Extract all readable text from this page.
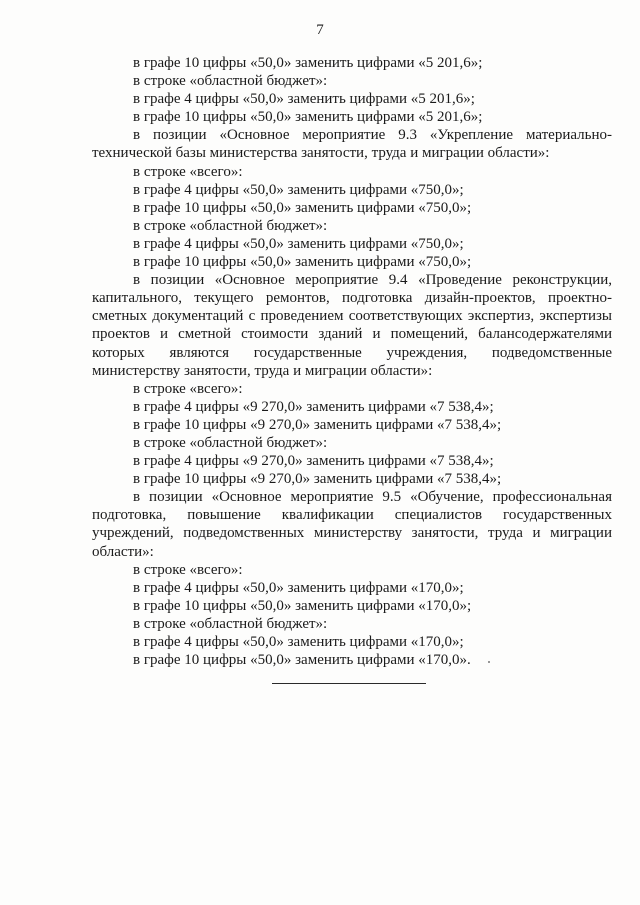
7

в графе 10 цифры «50,0» заменить цифрами «5 201,6»;

в строке «областной бюджет»:

в графе 4 цифры «50,0» заменить цифрами «5 201,6»;

в графе 10 цифры «50,0» заменить цифрами «5 201,6»;

в позиции «Основное мероприятие 9.3 «Укрепление материально-технической базы министерства занятости, труда и миграции области»:

в строке «всего»:

в графе 4 цифры «50,0» заменить цифрами «750,0»;

в графе 10 цифры «50,0» заменить цифрами «750,0»;

в строке «областной бюджет»:

в графе 4 цифры «50,0» заменить цифрами «750,0»;

в графе 10 цифры «50,0» заменить цифрами «750,0»;

в позиции «Основное мероприятие 9.4 «Проведение реконструкции, капитального, текущего ремонтов, подготовка дизайн-проектов, проектно-сметных документаций с проведением соответствующих экспертиз, экспертизы проектов и сметной стоимости зданий и помещений, балансодержателями которых являются государственные учреждения, подведомственные министерству занятости, труда и миграции области»:

в строке «всего»:

в графе 4 цифры «9 270,0» заменить цифрами «7 538,4»;

в графе 10 цифры «9 270,0» заменить цифрами «7 538,4»;

в строке «областной бюджет»:

в графе 4 цифры «9 270,0» заменить цифрами «7 538,4»;

в графе 10 цифры «9 270,0» заменить цифрами «7 538,4»;

в позиции «Основное мероприятие 9.5 «Обучение, профессиональная подготовка, повышение квалификации специалистов государственных учреждений, подведомственных министерству занятости, труда и миграции области»:

в строке «всего»:

в графе 4 цифры «50,0» заменить цифрами «170,0»;

в графе 10 цифры «50,0» заменить цифрами «170,0»;

в строке «областной бюджет»:

в графе 4 цифры «50,0» заменить цифрами «170,0»;

в графе 10 цифры «50,0» заменить цифрами «170,0».
